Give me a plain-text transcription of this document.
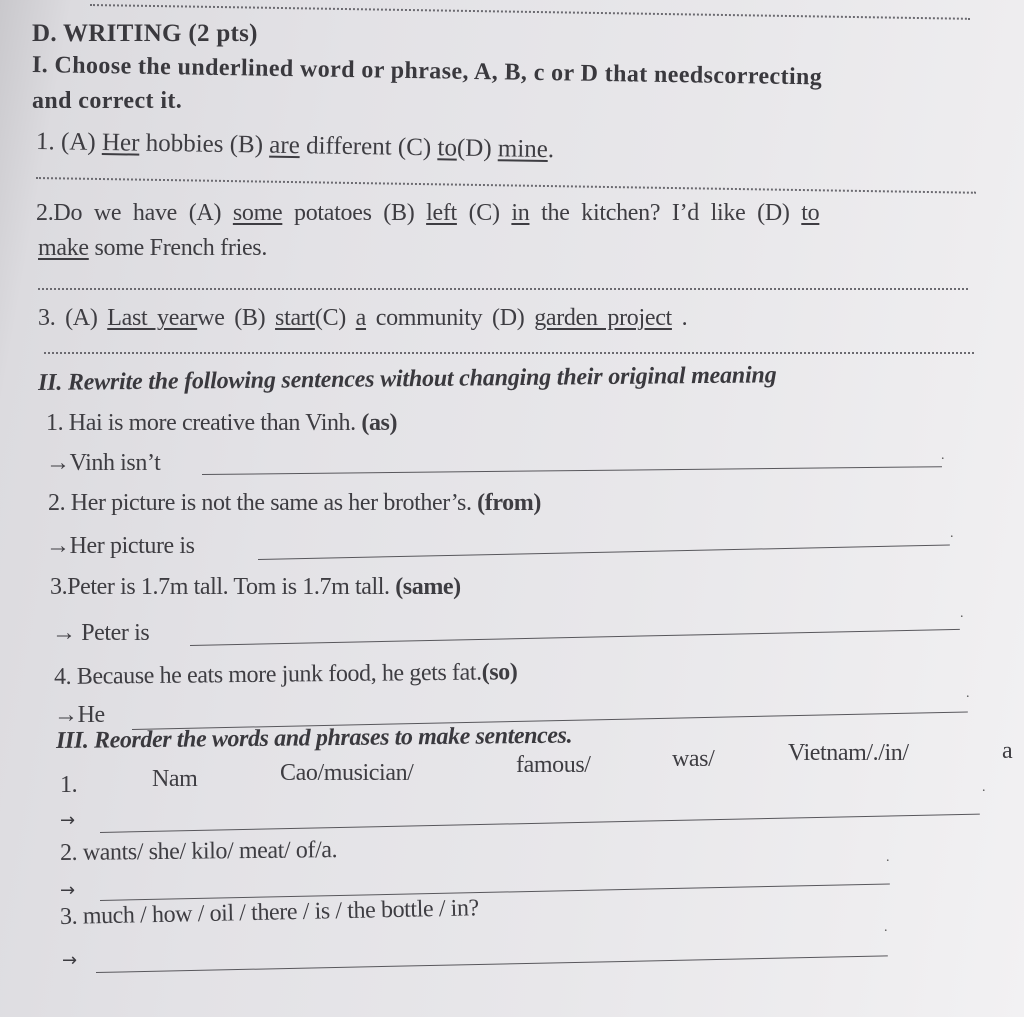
D. WRITING (2 pts)
I. Choose the underlined word or phrase, A, B, c or D that needscorrecting
and correct it.
1. (A) Her hobbies (B) are different (C) to(D) mine.
2.Do we have (A) some potatoes (B) left (C) in the kitchen? I’d like (D) to
make some French fries.
3. (A) Last yearwe (B) start(C) a community (D) garden project .
II. Rewrite the following sentences without changing their original meaning
1. Hai is more creative than Vinh. (as)
→Vinh isn’t	.
2. Her picture is not the same as her brother’s. (from)
→Her picture is	.
3.Peter is 1.7m tall. Tom is 1.7m tall. (same)
→ Peter is
.
4. Because he eats more junk food, he gets fat.(so)
→He
.
III. Reorder the words and phrases to make sentences.
1.	Nam	Cao/musician/	famous/	was/	Vietnam/./in/	a
→
.
2. wants/ she/ kilo/ meat/ of/a.
→
.
3. much / how / oil / there / is / the bottle / in?
→
.
